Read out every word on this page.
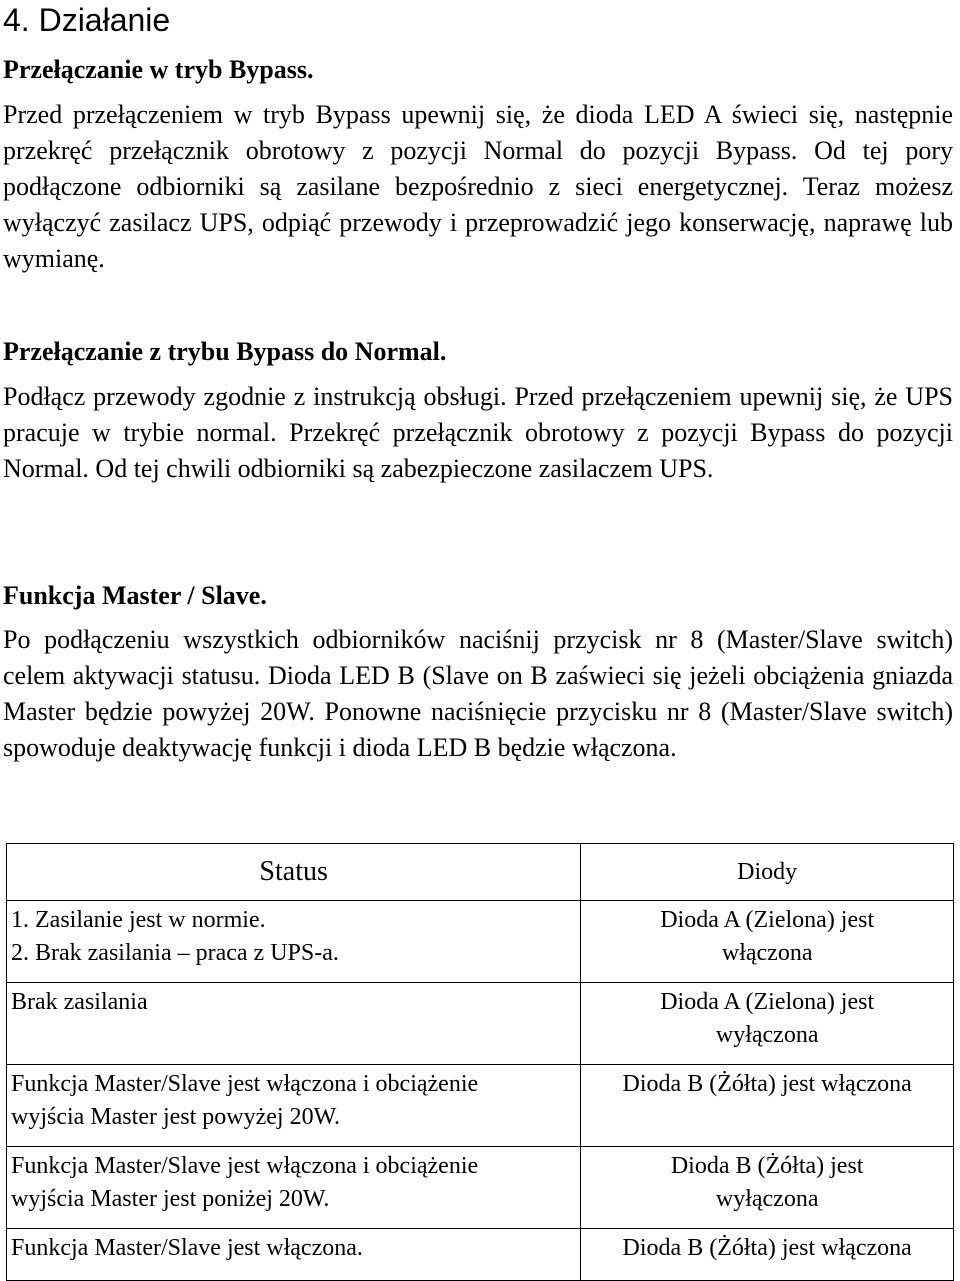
4. Działanie
Przełączanie w tryb Bypass.

Przed przełączeniem w tryb Bypass upewnij się, że dioda LED A świeci się, następnie przekręć przełącznik obrotowy z pozycji Normal do pozycji Bypass. Od tej pory podłączone odbiorniki są zasilane bezpośrednio z sieci energetycznej. Teraz możesz wyłączyć zasilacz UPS, odpiąć przewody i przeprowadzić jego konserwację, naprawę lub wymianę.

Przełączanie z trybu Bypass do Normal.

Podłącz przewody zgodnie z instrukcją obsługi. Przed przełączeniem upewnij się, że UPS pracuje w trybie normal. Przekręć przełącznik obrotowy z pozycji Bypass do pozycji Normal. Od tej chwili odbiorniki są zabezpieczone zasilaczem UPS.

Funkcja Master / Slave.

Po podłączeniu wszystkich odbiorników naciśnij przycisk nr 8 (Master/Slave switch) celem aktywacji statusu. Dioda LED B (Slave on B zaświeci się jeżeli obciążenia gniazda Master będzie powyżej 20W. Ponowne naciśnięcie przycisku nr 8 (Master/Slave switch) spowoduje deaktywację funkcji i dioda LED B będzie włączona.

Status	Diody

1. Zasilanie jest w normie.
2. Brak zasilania – praca z UPS-a.	Dioda A (Zielona) jest
włączona

Brak zasilania	Dioda A (Zielona) jest
wyłączona

Funkcja Master/Slave jest włączona i obciążenie
wyjścia Master jest powyżej 20W.	Dioda B (Żółta) jest włączona

Funkcja Master/Slave jest włączona i obciążenie
wyjścia Master jest poniżej 20W.	Dioda B (Żółta) jest
wyłączona

Funkcja Master/Slave jest włączona.	Dioda B (Żółta) jest włączona
